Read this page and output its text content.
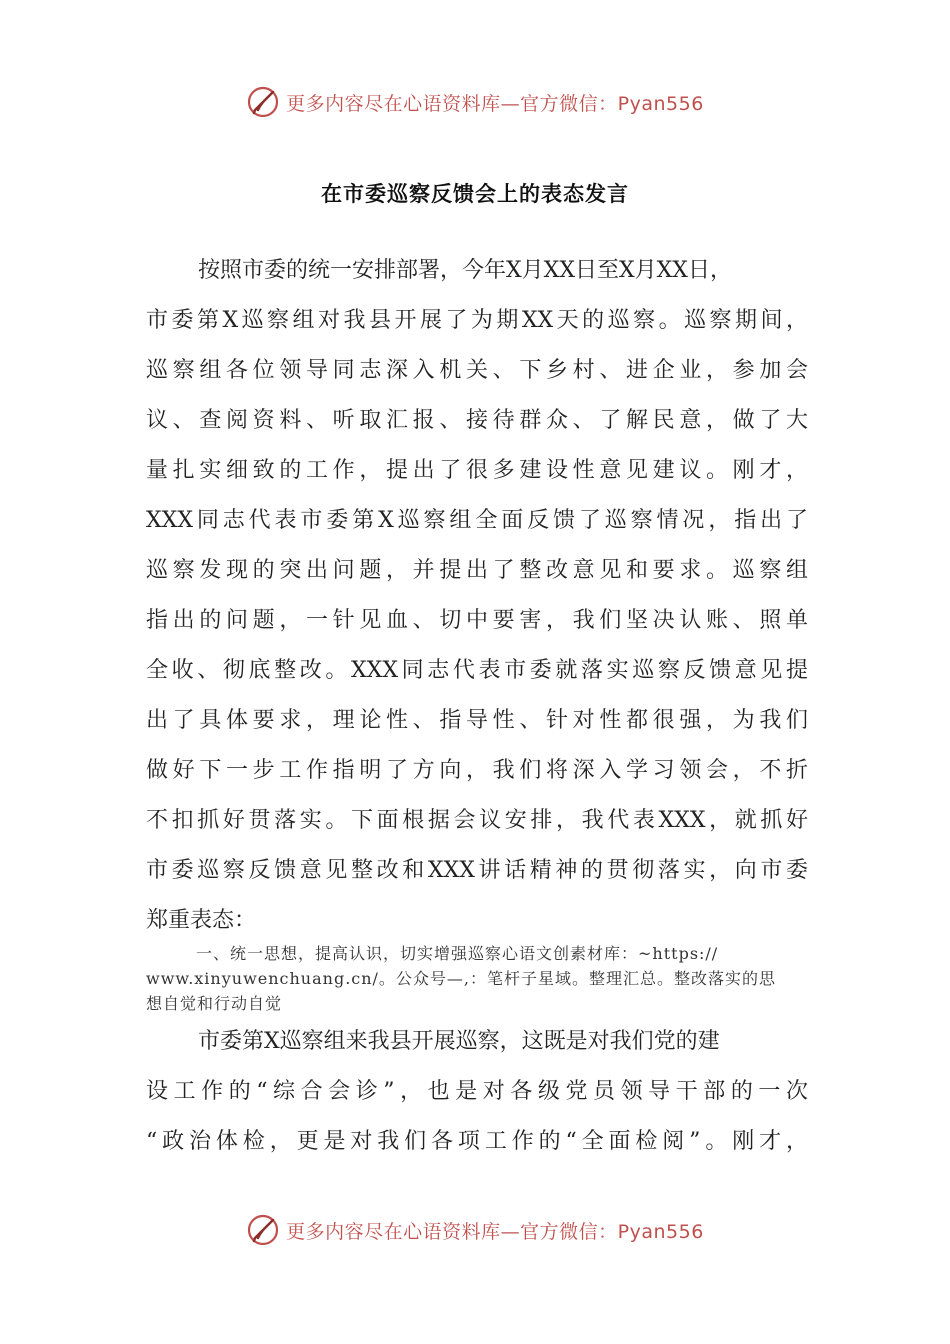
更多内容尽在心语资料库—官方微信：Pyan556
在市委巡察反馈会上的表态发言
按照市委的统一安排部署，今年X月XX日至X月XX日，
市委第X巡察组对我县开展了为期XX天的巡察。巡察期间，
巡察组各位领导同志深入机关、下乡村、进企业，参加会
议、查阅资料、听取汇报、接待群众、了解民意，做了大
量扎实细致的工作，提出了很多建设性意见建议。刚才，
XXX同志代表市委第X巡察组全面反馈了巡察情况，指出了
巡察发现的突出问题，并提出了整改意见和要求。巡察组
指出的问题，一针见血、切中要害，我们坚决认账、照单
全收、彻底整改。XXX同志代表市委就落实巡察反馈意见提
出了具体要求，理论性、指导性、针对性都很强，为我们
做好下一步工作指明了方向，我们将深入学习领会，不折
不扣抓好贯落实。下面根据会议安排，我代表XXX，就抓好
市委巡察反馈意见整改和XXX讲话精神的贯彻落实，向市委
郑重表态：
一、统一思想，提高认识，切实增强巡察心语文创素材库：~https://
www.xinyuwenchuang.cn/。公众号—,：笔杆子星域。整理汇总。整改落实的思
想自觉和行动自觉
市委第X巡察组来我县开展巡察，这既是对我们党的建
设工作的“综合会诊”，也是对各级党员领导干部的一次
“政治体检，更是对我们各项工作的“全面检阅”。刚才，
更多内容尽在心语资料库—官方微信：Pyan556
